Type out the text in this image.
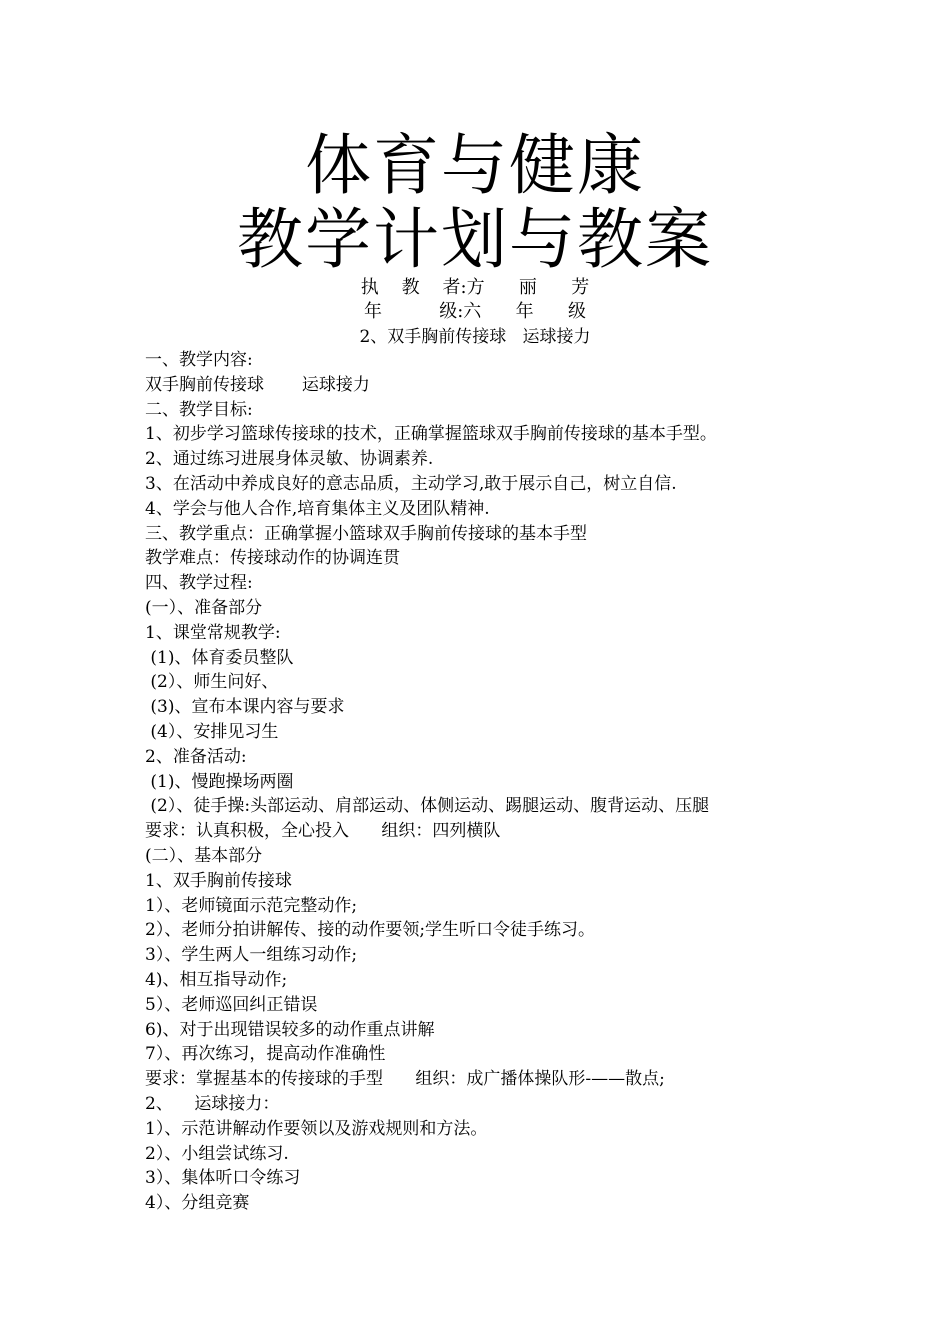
体育与健康
教学计划与教案
执    教    者:方      丽      芳
年          级:六      年      级
2、双手胸前传接球   运球接力
一、教学内容:
双手胸前传接球       运球接力
二、教学目标:
1、初步学习篮球传接球的技术，正确掌握篮球双手胸前传接球的基本手型。
2、通过练习进展身体灵敏、协调素养.
3、在活动中养成良好的意志品质，主动学习,敢于展示自己，树立自信.
4、学会与他人合作,培育集体主义及团队精神.
三、教学重点：正确掌握小篮球双手胸前传接球的基本手型
教学难点：传接球动作的协调连贯
四、教学过程:
(一）、准备部分
1、课堂常规教学:
(1)、体育委员整队
(2）、师生问好、
(3)、宣布本课内容与要求
(4）、安排见习生
2、准备活动:
(1)、慢跑操场两圈
(2）、徒手操:头部运动、肩部运动、体侧运动、踢腿运动、腹背运动、压腿
要求：认真积极，全心投入      组织：四列横队
(二）、基本部分
1、双手胸前传接球
1）、老师镜面示范完整动作;
2）、老师分拍讲解传、接的动作要领;学生听口令徒手练习。
3）、学生两人一组练习动作;
4)、相互指导动作;
5）、老师巡回纠正错误
6)、对于出现错误较多的动作重点讲解
7）、再次练习，提高动作准确性
要求：掌握基本的传接球的手型      组织：成广播体操队形-——散点;
2、    运球接力：
1）、示范讲解动作要领以及游戏规则和方法。
2）、小组尝试练习.
3）、集体听口令练习
4）、分组竞赛
